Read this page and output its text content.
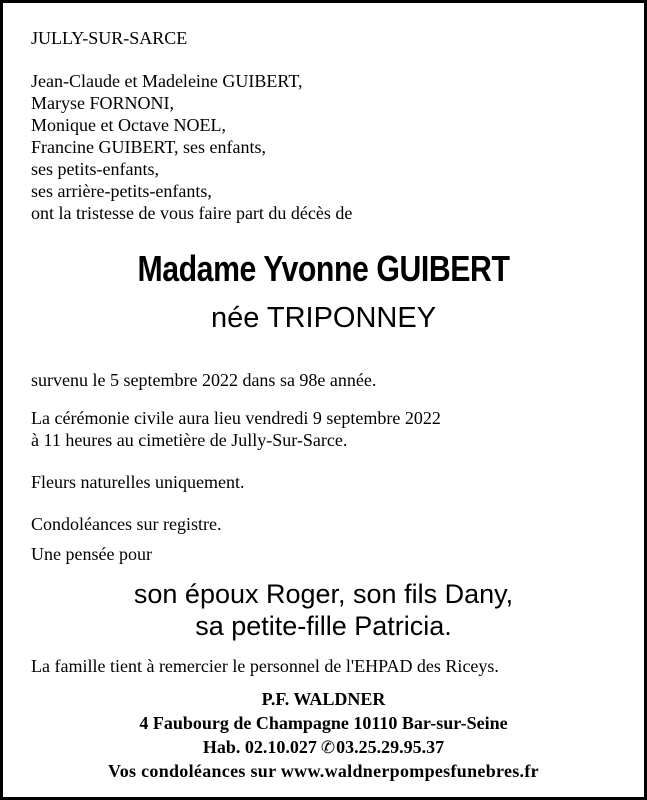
JULLY-SUR-SARCE
Jean-Claude et Madeleine GUIBERT,
Maryse FORNONI,
Monique et Octave NOEL,
Francine GUIBERT, ses enfants,
ses petits-enfants,
ses arrière-petits-enfants,
ont la tristesse de vous faire part du décès de
Madame Yvonne GUIBERT
née TRIPONNEY
survenu le 5 septembre 2022 dans sa 98e année.
La cérémonie civile aura lieu vendredi 9 septembre 2022
à 11 heures au cimetière de Jully-Sur-Sarce.
Fleurs naturelles uniquement.
Condoléances sur registre.
Une pensée pour
son époux Roger, son fils Dany,
sa petite-fille Patricia.
La famille tient à remercier le personnel de l'EHPAD des Riceys.
P.F. WALDNER
4 Faubourg de Champagne 10110 Bar-sur-Seine
Hab. 02.10.027 ✆03.25.29.95.37
Vos condoléances sur www.waldnerpompesfunebres.fr
